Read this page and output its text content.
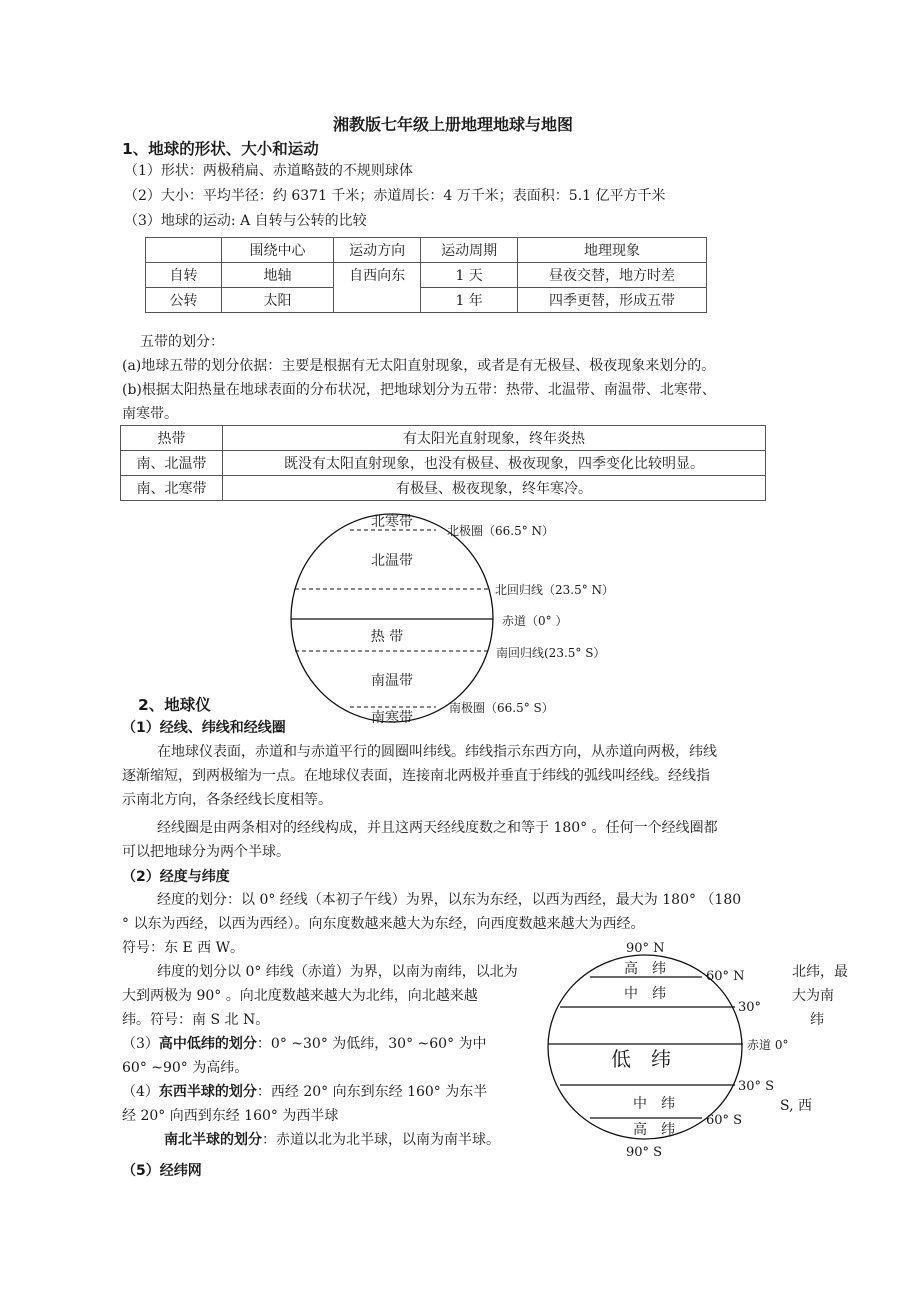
湘教版七年级上册地理地球与地图
1、地球的形状、大小和运动
（1）形状：两极稍扁、赤道略鼓的不规则球体
（2）大小：平均半径：约 6371 千米；赤道周长：4 万千米；表面积：5.1 亿平方千米
（3）地球的运动: A 自转与公转的比较
	围绕中心	运动方向	运动周期	地理现象
自转	地轴	自西向东	1 天	昼夜交替，地方时差
公转	太阳		1 年	四季更替，形成五带
五带的划分：
(a)地球五带的划分依据：主要是根据有无太阳直射现象，或者是有无极昼、极夜现象来划分的。
(b)根据太阳热量在地球表面的分布状况，把地球划分为五带：热带、北温带、南温带、北寒带、
南寒带。
热带	有太阳光直射现象，终年炎热
南、北温带	既没有太阳直射现象，也没有极昼、极夜现象，四季变化比较明显。
南、北寒带	有极昼、极夜现象，终年寒冷。
北寒带
北温带
热 带
南温带
南寒带
北极圈（66.5° N）
北回归线（23.5° N）
赤道（0° ）
南回归线(23.5° S）
南极圈（66.5° S）
高　纬
中　纬
低　纬
中　纬
高　纬
90° N
60° N
30°
赤道 0°
30° S
60° S
90° S
2、地球仪
（1）经线、纬线和经线圈
在地球仪表面，赤道和与赤道平行的圆圈叫纬线。纬线指示东西方向，从赤道向两极，纬线
逐渐缩短，到两极缩为一点。在地球仪表面，连接南北两极并垂直于纬线的弧线叫经线。经线指
示南北方向，各条经线长度相等。
经线圈是由两条相对的经线构成，并且这两天经线度数之和等于 180° 。任何一个经线圈都
可以把地球分为两个半球。
（2）经度与纬度
经度的划分：以 0° 经线（本初子午线）为界，以东为东经，以西为西经，最大为 180° （180
° 以东为西经，以西为西经）。向东度数越来越大为东经，向西度数越来越大为西经。
符号：东 E 西 W。
纬度的划分以 0° 纬线（赤道）为界，以南为南纬，以北为	北纬，最
大到两极为 90° 。向北度数越来越大为北纬，向北越来越	大为南
纬。符号：南 S 北 N。	纬
（3）高中低纬的划分：0° ~30° 为低纬，30° ~60° 为中
60° ~90° 为高纬。
S, 西
（4）东西半球的划分：西经 20° 向东到东经 160° 为东半
经 20° 向西到东经 160° 为西半球
南北半球的划分：赤道以北为北半球，以南为南半球。
（5）经纬网
